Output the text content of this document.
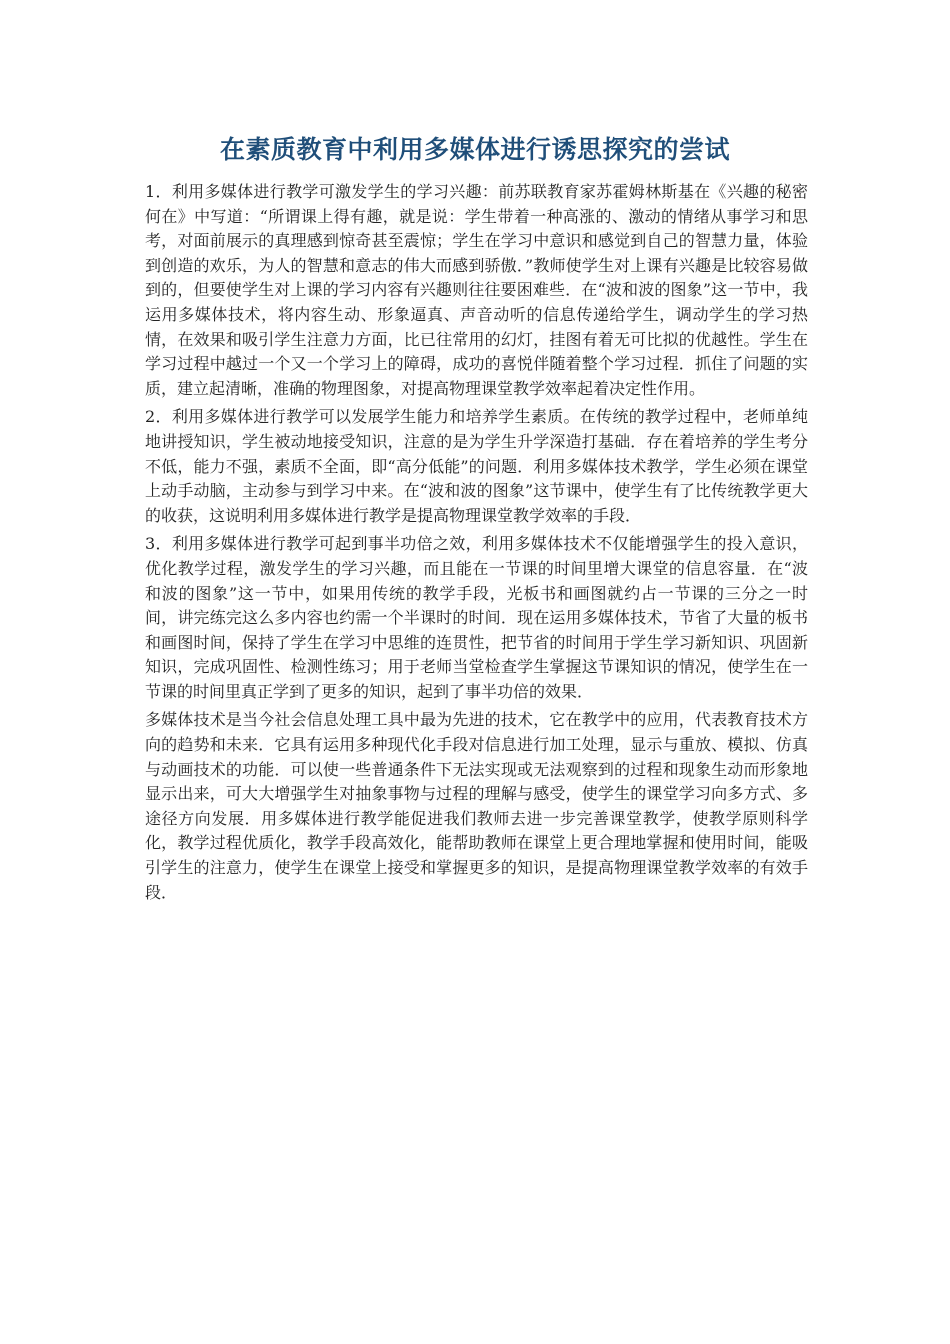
在素质教育中利用多媒体进行诱思探究的尝试

1．利用多媒体进行教学可激发学生的学习兴趣：前苏联教育家苏霍姆林斯基在《兴趣的秘密何在》中写道：“所谓课上得有趣，就是说：学生带着一种高涨的、激动的情绪从事学习和思考，对面前展示的真理感到惊奇甚至震惊；学生在学习中意识和感觉到自己的智慧力量，体验到创造的欢乐，为人的智慧和意志的伟大而感到骄傲．”教师使学生对上课有兴趣是比较容易做到的，但要使学生对上课的学习内容有兴趣则往往要困难些．在“波和波的图象”这一节中，我运用多媒体技术，将内容生动、形象逼真、声音动听的信息传递给学生，调动学生的学习热情，在效果和吸引学生注意力方面，比已往常用的幻灯，挂图有着无可比拟的优越性。学生在学习过程中越过一个又一个学习上的障碍，成功的喜悦伴随着整个学习过程．抓住了问题的实质，建立起清晰，准确的物理图象，对提高物理课堂教学效率起着决定性作用。

2．利用多媒体进行教学可以发展学生能力和培养学生素质。在传统的教学过程中，老师单纯地讲授知识，学生被动地接受知识，注意的是为学生升学深造打基础．存在着培养的学生考分不低，能力不强，素质不全面，即“高分低能”的问题．利用多媒体技术教学，学生必须在课堂上动手动脑，主动参与到学习中来。在“波和波的图象”这节课中，使学生有了比传统教学更大的收获，这说明利用多媒体进行教学是提高物理课堂教学效率的手段．

3．利用多媒体进行教学可起到事半功倍之效，利用多媒体技术不仅能增强学生的投入意识，优化教学过程，激发学生的学习兴趣，而且能在一节课的时间里增大课堂的信息容量．在“波和波的图象”这一节中，如果用传统的教学手段，光板书和画图就约占一节课的三分之一时间，讲完练完这么多内容也约需一个半课时的时间．现在运用多媒体技术，节省了大量的板书和画图时间，保持了学生在学习中思维的连贯性，把节省的时间用于学生学习新知识、巩固新知识，完成巩固性、检测性练习；用于老师当堂检查学生掌握这节课知识的情况，使学生在一节课的时间里真正学到了更多的知识，起到了事半功倍的效果．

多媒体技术是当今社会信息处理工具中最为先进的技术，它在教学中的应用，代表教育技术方向的趋势和未来．它具有运用多种现代化手段对信息进行加工处理，显示与重放、模拟、仿真与动画技术的功能．可以使一些普通条件下无法实现或无法观察到的过程和现象生动而形象地显示出来，可大大增强学生对抽象事物与过程的理解与感受，使学生的课堂学习向多方式、多途径方向发展．用多媒体进行教学能促进我们教师去进一步完善课堂教学，使教学原则科学化，教学过程优质化，教学手段高效化，能帮助教师在课堂上更合理地掌握和使用时间，能吸引学生的注意力，使学生在课堂上接受和掌握更多的知识，是提高物理课堂教学效率的有效手段．
